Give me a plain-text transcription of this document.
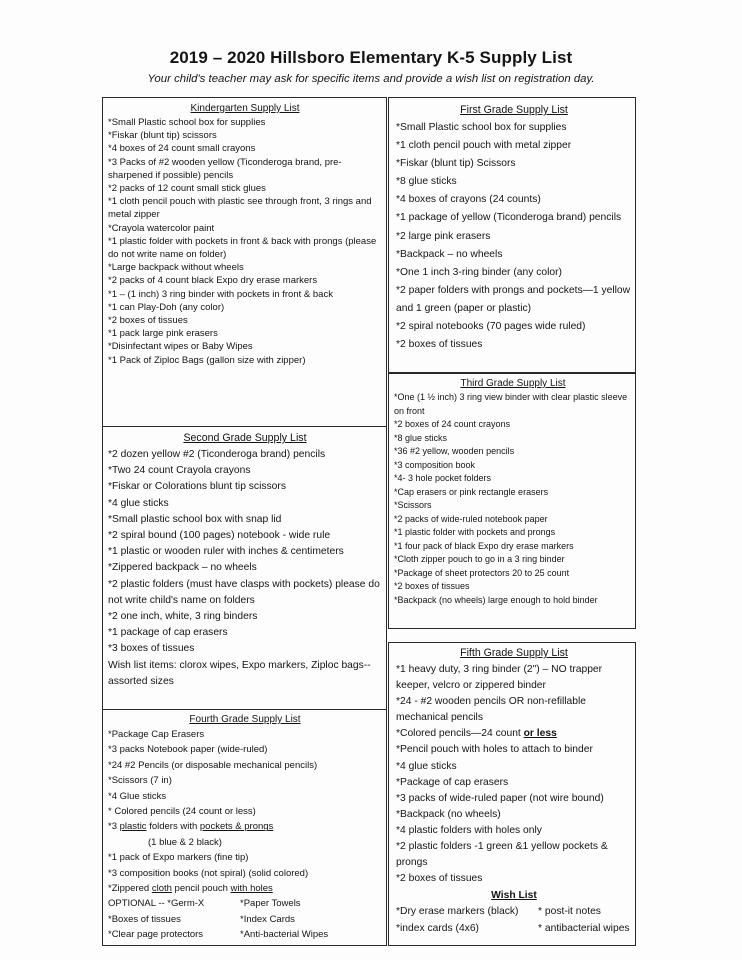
2019 – 2020 Hillsboro Elementary K-5 Supply List
Your child's teacher may ask for specific items and provide a wish list on registration day.
Kindergarten Supply List
*Small Plastic school box for supplies
*Fiskar (blunt tip) scissors
*4 boxes of 24 count small crayons
*3 Packs of #2 wooden yellow (Ticonderoga brand, pre-sharpened if possible) pencils
*2 packs of 12 count small stick glues
*1 cloth pencil pouch with plastic see through front, 3 rings and metal zipper
*Crayola watercolor paint
*1 plastic folder with pockets in front & back with prongs (please do not write name on folder)
*Large backpack without wheels
*2 packs of 4 count black Expo dry erase markers
*1 – (1 inch) 3 ring binder with pockets in front & back
*1 can Play-Doh (any color)
*2 boxes of tissues
*1 pack large pink erasers
*Disinfectant wipes or Baby Wipes
*1 Pack of Ziploc Bags (gallon size with zipper)
Second Grade Supply List
*2 dozen yellow #2 (Ticonderoga brand) pencils
*Two 24 count Crayola crayons
*Fiskar or Colorations blunt tip scissors
*4 glue sticks
*Small plastic school box with snap lid
*2 spiral bound (100 pages) notebook - wide rule
*1 plastic or wooden ruler with inches & centimeters
*Zippered backpack – no wheels
*2 plastic folders (must have clasps with pockets) please do not write child's name on folders
*2 one inch, white, 3 ring binders
*1 package of cap erasers
*3 boxes of tissues
Wish list items: clorox wipes, Expo markers, Ziploc bags--assorted sizes
Fourth Grade Supply List
*Package Cap Erasers
*3 packs Notebook paper (wide-ruled)
*24 #2 Pencils (or disposable mechanical pencils)
*Scissors (7 in)
*4 Glue sticks
* Colored pencils (24 count or less)
*3 plastic folders with pockets & prongs
(1 blue & 2 black)
*1 pack of Expo markers (fine tip)
*3 composition books (not spiral) (solid colored)
*Zippered cloth pencil pouch with holes
OPTIONAL -- *Germ-X	*Paper Towels
*Boxes of tissues	*Index Cards
*Clear page protectors	*Anti-bacterial Wipes
First Grade Supply List
*Small Plastic school box for supplies
*1 cloth pencil pouch with metal zipper
*Fiskar (blunt tip) Scissors
*8 glue sticks
*4 boxes of crayons (24 counts)
*1 package of yellow (Ticonderoga brand) pencils
*2 large pink erasers
*Backpack – no wheels
*One 1 inch 3-ring binder (any color)
*2 paper folders with prongs and pockets—1 yellow and 1 green (paper or plastic)
*2 spiral notebooks (70 pages wide ruled)
*2 boxes of tissues
Third Grade Supply List
*One (1 ½ inch) 3 ring view binder with clear plastic sleeve on front
*2 boxes of 24 count crayons
*8 glue sticks
*36 #2 yellow, wooden pencils
*3 composition book
*4- 3 hole pocket folders
*Cap erasers or pink rectangle erasers
*Scissors
*2 packs of wide-ruled notebook paper
*1 plastic folder with pockets and prongs
*1 four pack of black Expo dry erase markers
*Cloth zipper pouch to go in a 3 ring binder
*Package of sheet protectors 20 to 25 count
*2 boxes of tissues
*Backpack (no wheels) large enough to hold binder
Fifth Grade Supply List
*1 heavy duty, 3 ring binder (2") – NO trapper keeper, velcro or zippered binder
*24 - #2 wooden pencils OR non-refillable mechanical pencils
*Colored pencils—24 count or less
*Pencil pouch with holes to attach to binder
*4 glue sticks
*Package of cap erasers
*3 packs of wide-ruled paper (not wire bound)
*Backpack (no wheels)
*4 plastic folders with holes only
*2 plastic folders -1 green &1 yellow pockets & prongs
*2 boxes of tissues
Wish List
*Dry erase markers (black)	* post-it notes
*index cards (4x6)	* antibacterial wipes
